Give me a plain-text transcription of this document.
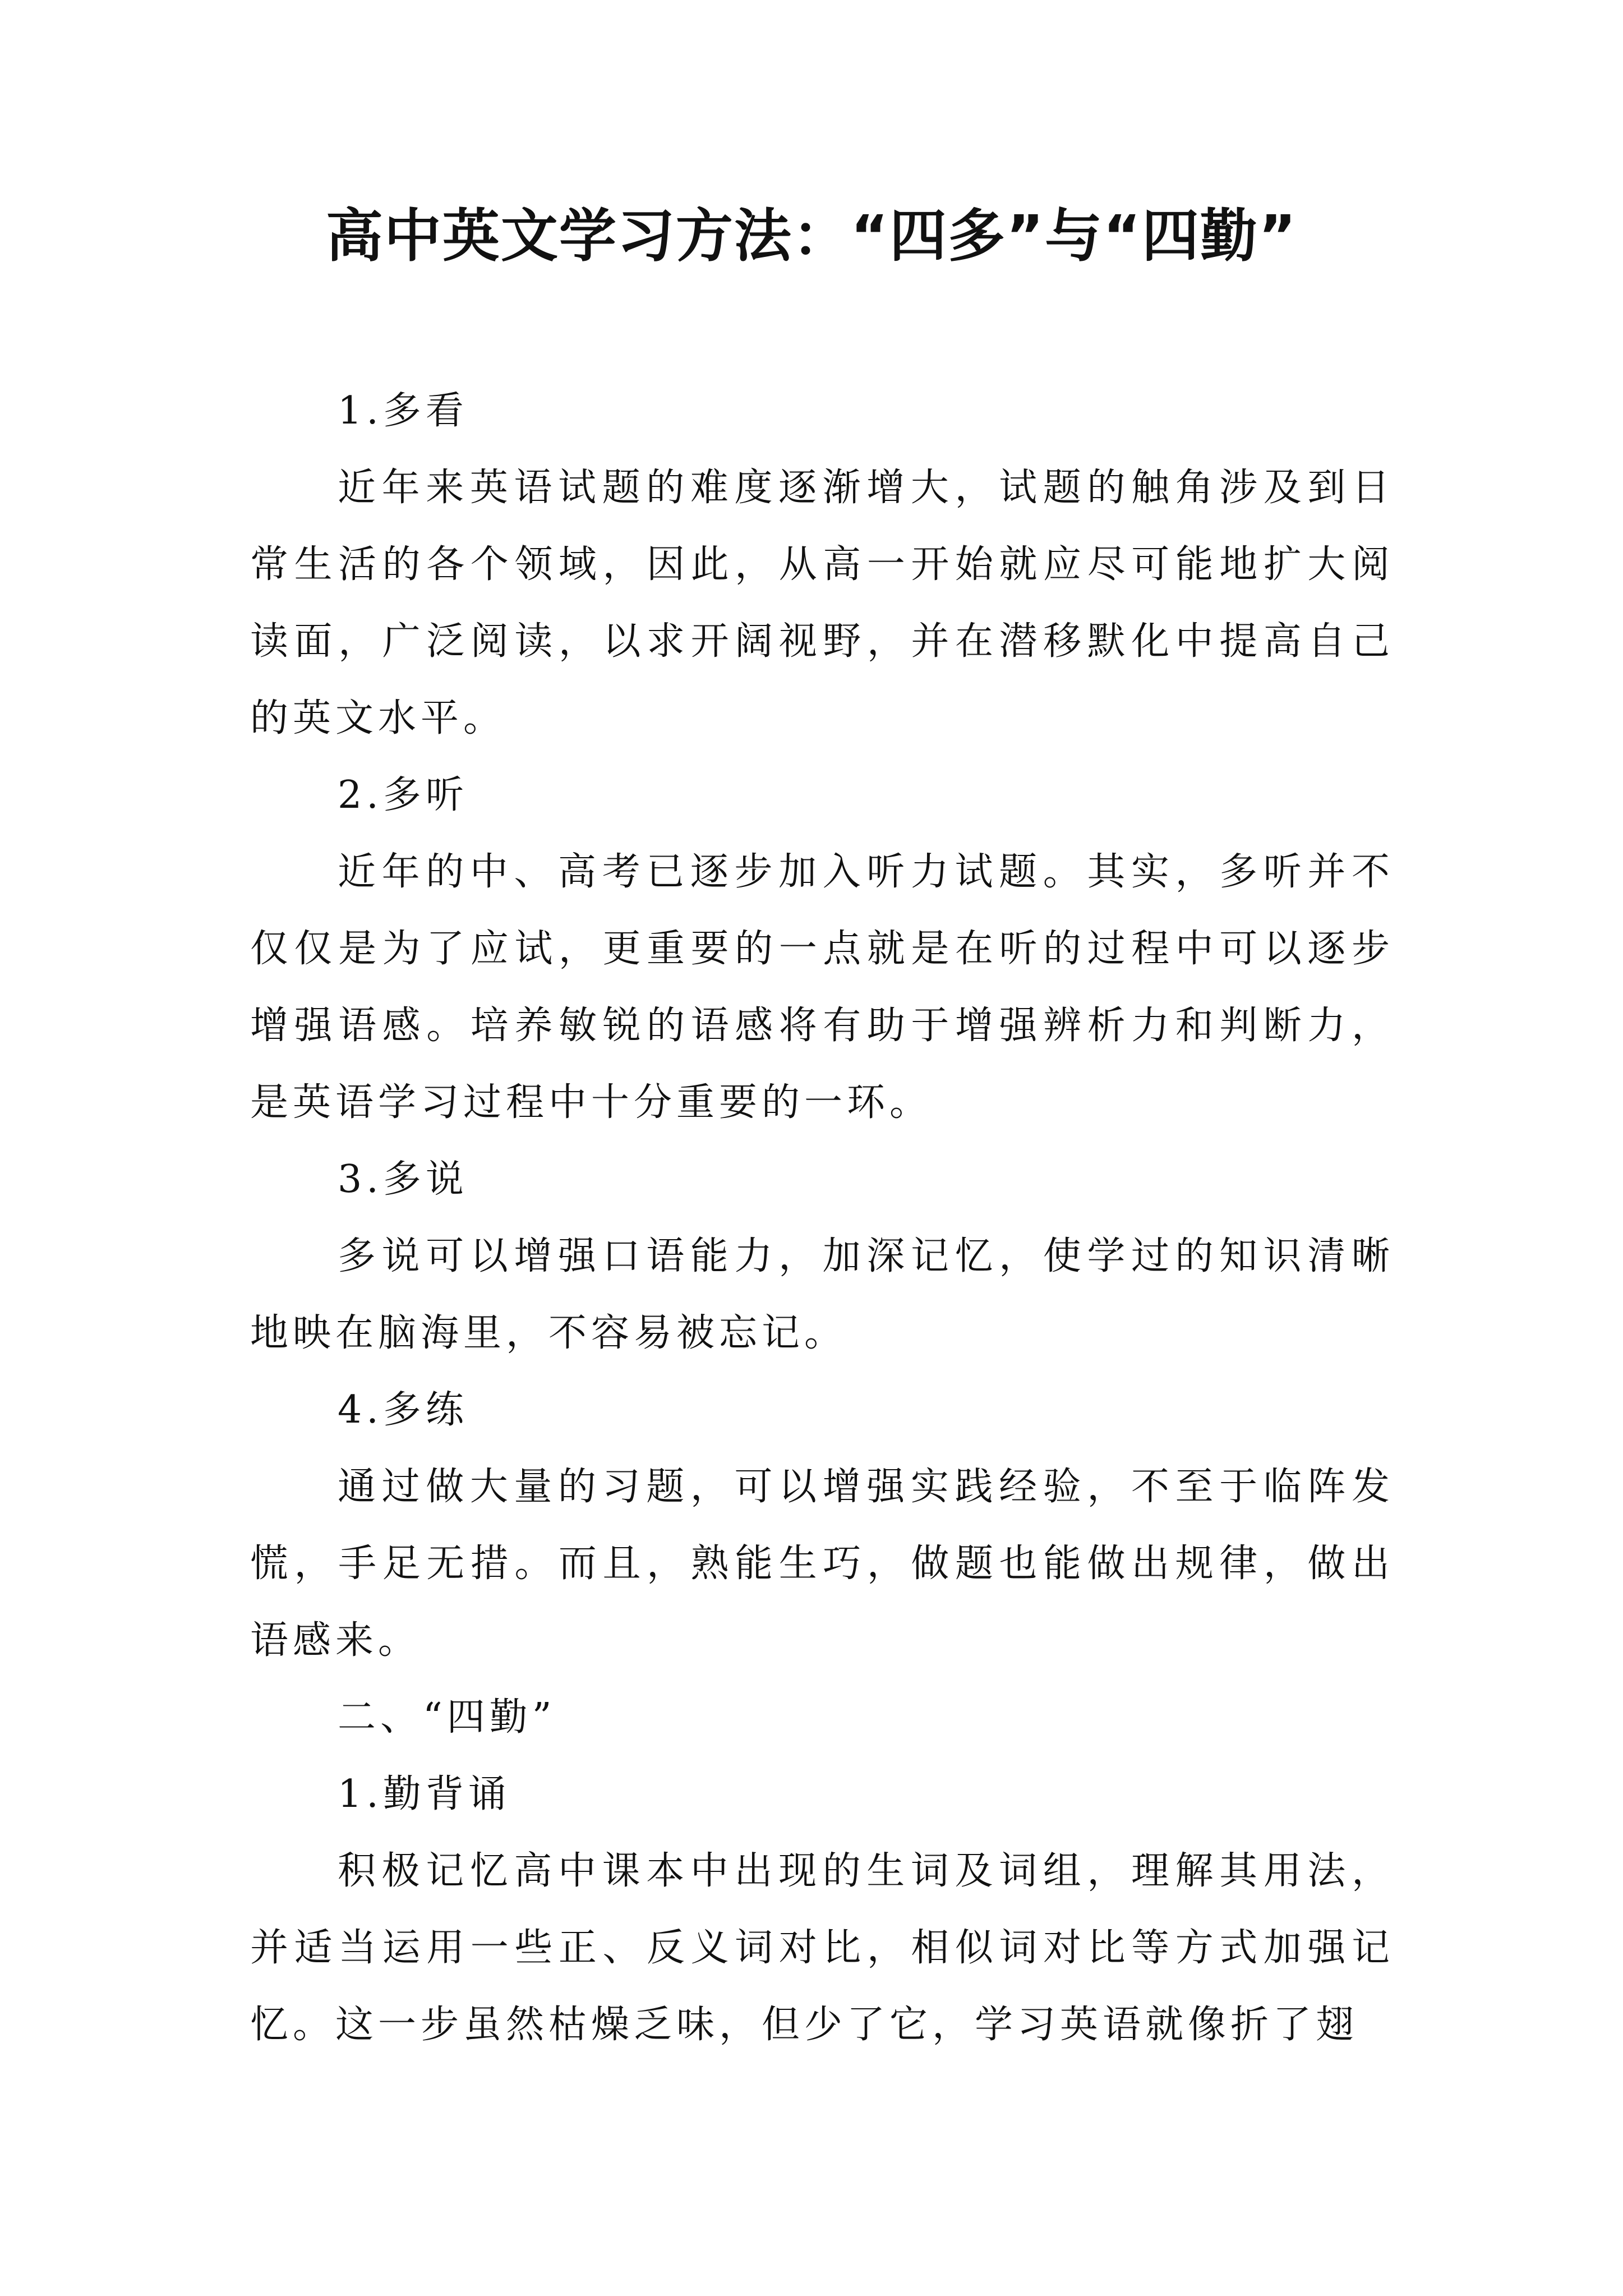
高中英文学习方法：“四多”与“四勤”

1.多看

近年来英语试题的难度逐渐增大，试题的触角涉及到日常生活的各个领域，因此，从高一开始就应尽可能地扩大阅读面，广泛阅读，以求开阔视野，并在潜移默化中提高自己的英文水平。

2.多听

近年的中、高考已逐步加入听力试题。其实，多听并不仅仅是为了应试，更重要的一点就是在听的过程中可以逐步增强语感。培养敏锐的语感将有助于增强辨析力和判断力，是英语学习过程中十分重要的一环。

3.多说

多说可以增强口语能力，加深记忆，使学过的知识清晰地映在脑海里，不容易被忘记。

4.多练

通过做大量的习题，可以增强实践经验，不至于临阵发慌，手足无措。而且，熟能生巧，做题也能做出规律，做出语感来。

二、“四勤”

1.勤背诵

积极记忆高中课本中出现的生词及词组，理解其用法，并适当运用一些正、反义词对比，相似词对比等方式加强记忆。这一步虽然枯燥乏味，但少了它，学习英语就像折了翅
